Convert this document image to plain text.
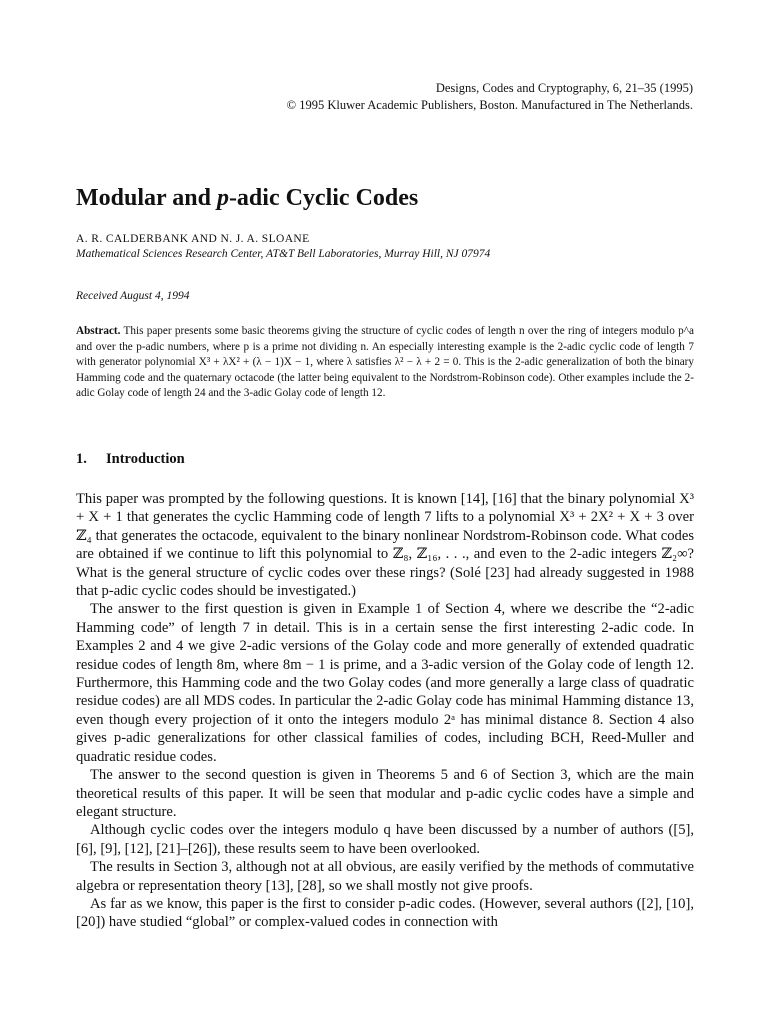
Designs, Codes and Cryptography, 6, 21–35 (1995)
© 1995 Kluwer Academic Publishers, Boston. Manufactured in The Netherlands.
Modular and p-adic Cyclic Codes
A. R. CALDERBANK AND N. J. A. SLOANE
Mathematical Sciences Research Center, AT&T Bell Laboratories, Murray Hill, NJ 07974
Received August 4, 1994

Abstract. This paper presents some basic theorems giving the structure of cyclic codes of length n over the ring of integers modulo p^a and over the p-adic numbers, where p is a prime not dividing n. An especially interesting example is the 2-adic cyclic code of length 7 with generator polynomial X³ + λX² + (λ − 1)X − 1, where λ satisfies λ² − λ + 2 = 0. This is the 2-adic generalization of both the binary Hamming code and the quaternary octacode (the latter being equivalent to the Nordstrom-Robinson code). Other examples include the 2-adic Golay code of length 24 and the 3-adic Golay code of length 12.

1. Introduction

This paper was prompted by the following questions. It is known [14], [16] that the binary polynomial X³ + X + 1 that generates the cyclic Hamming code of length 7 lifts to a polynomial X³ + 2X² + X + 3 over ℤ₄ that generates the octacode, equivalent to the binary nonlinear Nordstrom-Robinson code. What codes are obtained if we continue to lift this polynomial to ℤ₈, ℤ₁₆, . . ., and even to the 2-adic integers ℤ₂∞? What is the general structure of cyclic codes over these rings? (Solé [23] had already suggested in 1988 that p-adic cyclic codes should be investigated.)

The answer to the first question is given in Example 1 of Section 4, where we describe the “2-adic Hamming code” of length 7 in detail. This is in a certain sense the first interesting 2-adic code. In Examples 2 and 4 we give 2-adic versions of the Golay code and more generally of extended quadratic residue codes of length 8m, where 8m − 1 is prime, and a 3-adic version of the Golay code of length 12. Furthermore, this Hamming code and the two Golay codes (and more generally a large class of quadratic residue codes) are all MDS codes. In particular the 2-adic Golay code has minimal Hamming distance 13, even though every projection of it onto the integers modulo 2ᵃ has minimal distance 8. Section 4 also gives p-adic generalizations for other classical families of codes, including BCH, Reed-Muller and quadratic residue codes.

The answer to the second question is given in Theorems 5 and 6 of Section 3, which are the main theoretical results of this paper. It will be seen that modular and p-adic cyclic codes have a simple and elegant structure.

Although cyclic codes over the integers modulo q have been discussed by a number of authors ([5], [6], [9], [12], [21]–[26]), these results seem to have been overlooked.

The results in Section 3, although not at all obvious, are easily verified by the methods of commutative algebra or representation theory [13], [28], so we shall mostly not give proofs.

As far as we know, this paper is the first to consider p-adic codes. (However, several authors ([2], [10], [20]) have studied “global” or complex-valued codes in connection with
